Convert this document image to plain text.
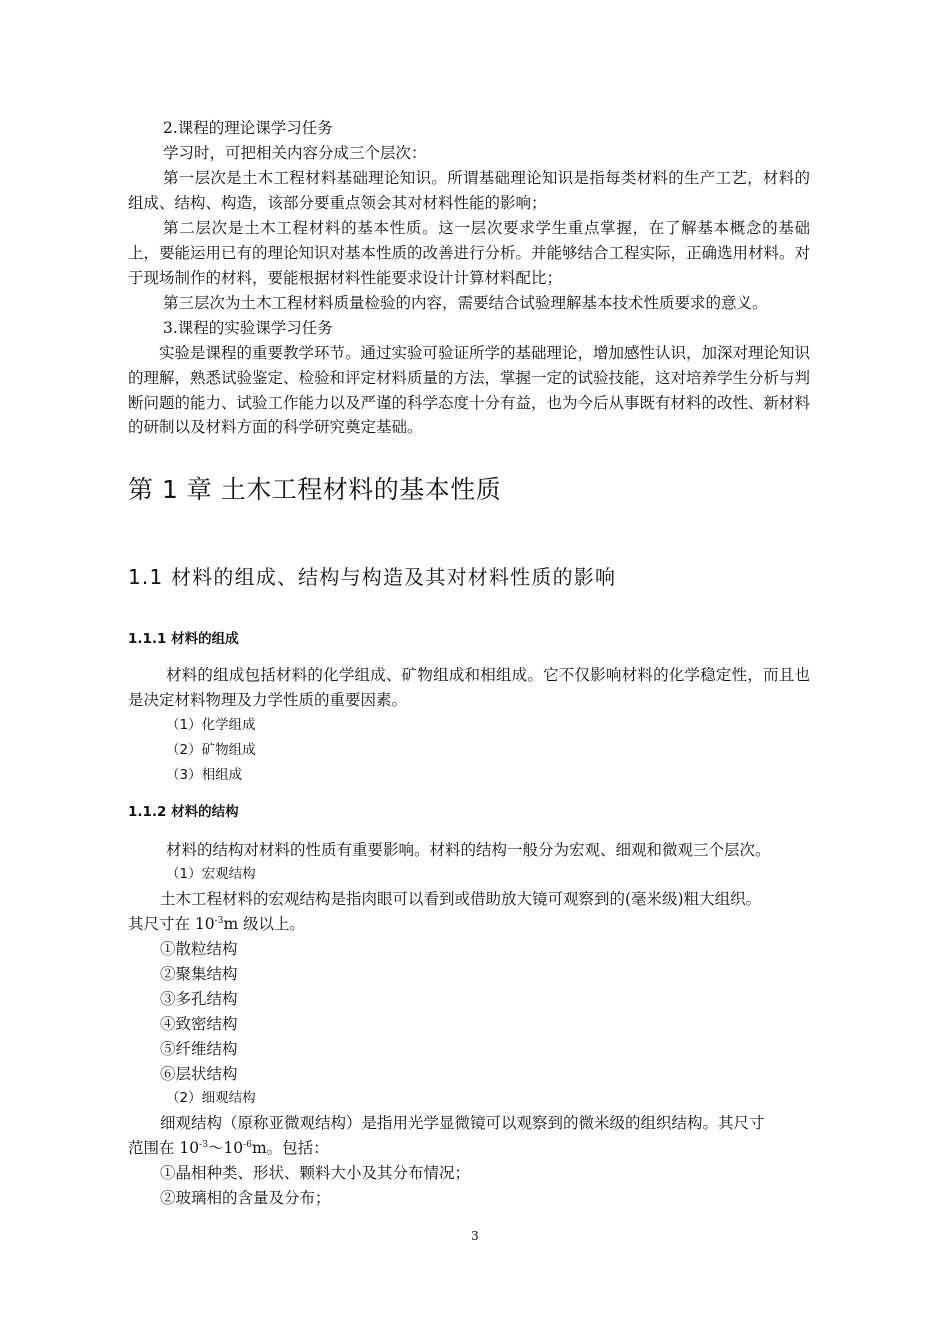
2.课程的理论课学习任务

学习时，可把相关内容分成三个层次：

第一层次是土木工程材料基础理论知识。所谓基础理论知识是指每类材料的生产工艺，材料的组成、结构、构造，该部分要重点领会其对材料性能的影响；

第二层次是土木工程材料的基本性质。这一层次要求学生重点掌握，在了解基本概念的基础上，要能运用已有的理论知识对基本性质的改善进行分析。并能够结合工程实际，正确选用材料。对于现场制作的材料，要能根据材料性能要求设计计算材料配比；

第三层次为土木工程材料质量检验的内容，需要结合试验理解基本技术性质要求的意义。

3.课程的实验课学习任务

实验是课程的重要教学环节。通过实验可验证所学的基础理论，增加感性认识，加深对理论知识的理解，熟悉试验鉴定、检验和评定材料质量的方法，掌握一定的试验技能，这对培养学生分析与判断问题的能力、试验工作能力以及严谨的科学态度十分有益，也为今后从事既有材料的改性、新材料的研制以及材料方面的科学研究奠定基础。

第 1 章 土木工程材料的基本性质
1.1 材料的组成、结构与构造及其对材料性质的影响
1.1.1 材料的组成

材料的组成包括材料的化学组成、矿物组成和相组成。它不仅影响材料的化学稳定性，而且也是决定材料物理及力学性质的重要因素。

（1）化学组成

（2）矿物组成

（3）相组成

1.1.2 材料的结构

材料的结构对材料的性质有重要影响。材料的结构一般分为宏观、细观和微观三个层次。

（1）宏观结构

土木工程材料的宏观结构是指肉眼可以看到或借助放大镜可观察到的(毫米级)粗大组织。

其尺寸在 $10^{-3}m$ 级以上。

①散粒结构

②聚集结构

③多孔结构

④致密结构

⑤纤维结构

⑥层状结构

（2）细观结构

细观结构（原称亚微观结构）是指用光学显微镜可以观察到的微米级的组织结构。其尺寸

范围在 $10^{-3}\sim 10^{-6}m$。包括：

①晶相种类、形状、颗料大小及其分布情况；

②玻璃相的含量及分布；

3
